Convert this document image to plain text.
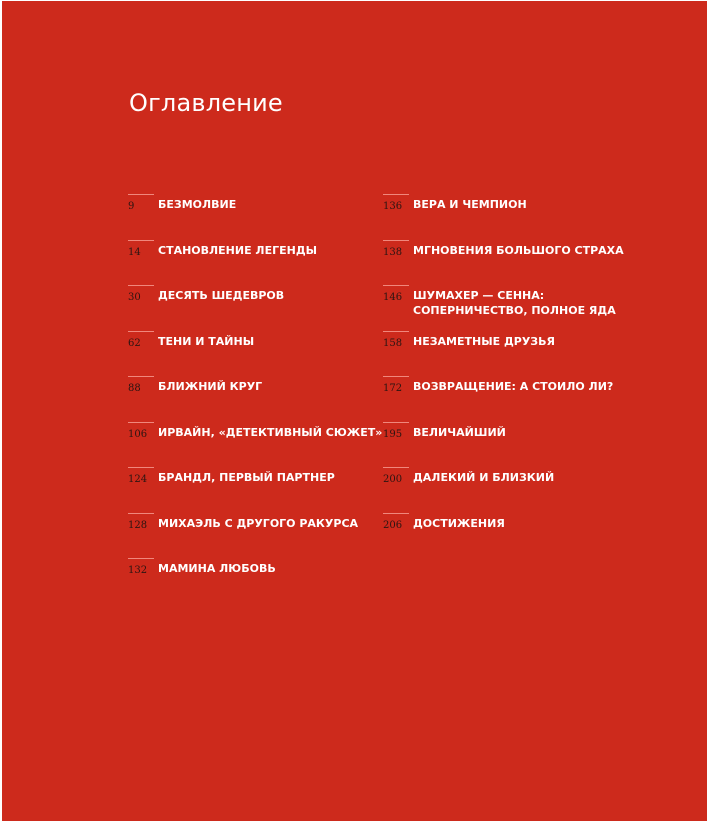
Оглавление
9 БЕЗМОЛВИЕ
14 СТАНОВЛЕНИЕ ЛЕГЕНДЫ
30 ДЕСЯТЬ ШЕДЕВРОВ
62 ТЕНИ И ТАЙНЫ
88 БЛИЖНИЙ КРУГ
106 ИРВАЙН, «ДЕТЕКТИВНЫЙ СЮЖЕТ»
124 БРАНДЛ, ПЕРВЫЙ ПАРТНЕР
128 МИХАЭЛЬ С ДРУГОГО РАКУРСА
132 МАМИНА ЛЮБОВЬ
136 ВЕРА И ЧЕМПИОН
138 МГНОВЕНИЯ БОЛЬШОГО СТРАХА
146 ШУМАХЕР — СЕННА:
СОПЕРНИЧЕСТВО, ПОЛНОЕ ЯДА
158 НЕЗАМЕТНЫЕ ДРУЗЬЯ
172 ВОЗВРАЩЕНИЕ: А СТОИЛО ЛИ?
195 ВЕЛИЧАЙШИЙ
200 ДАЛЕКИЙ И БЛИЗКИЙ
206 ДОСТИЖЕНИЯ
